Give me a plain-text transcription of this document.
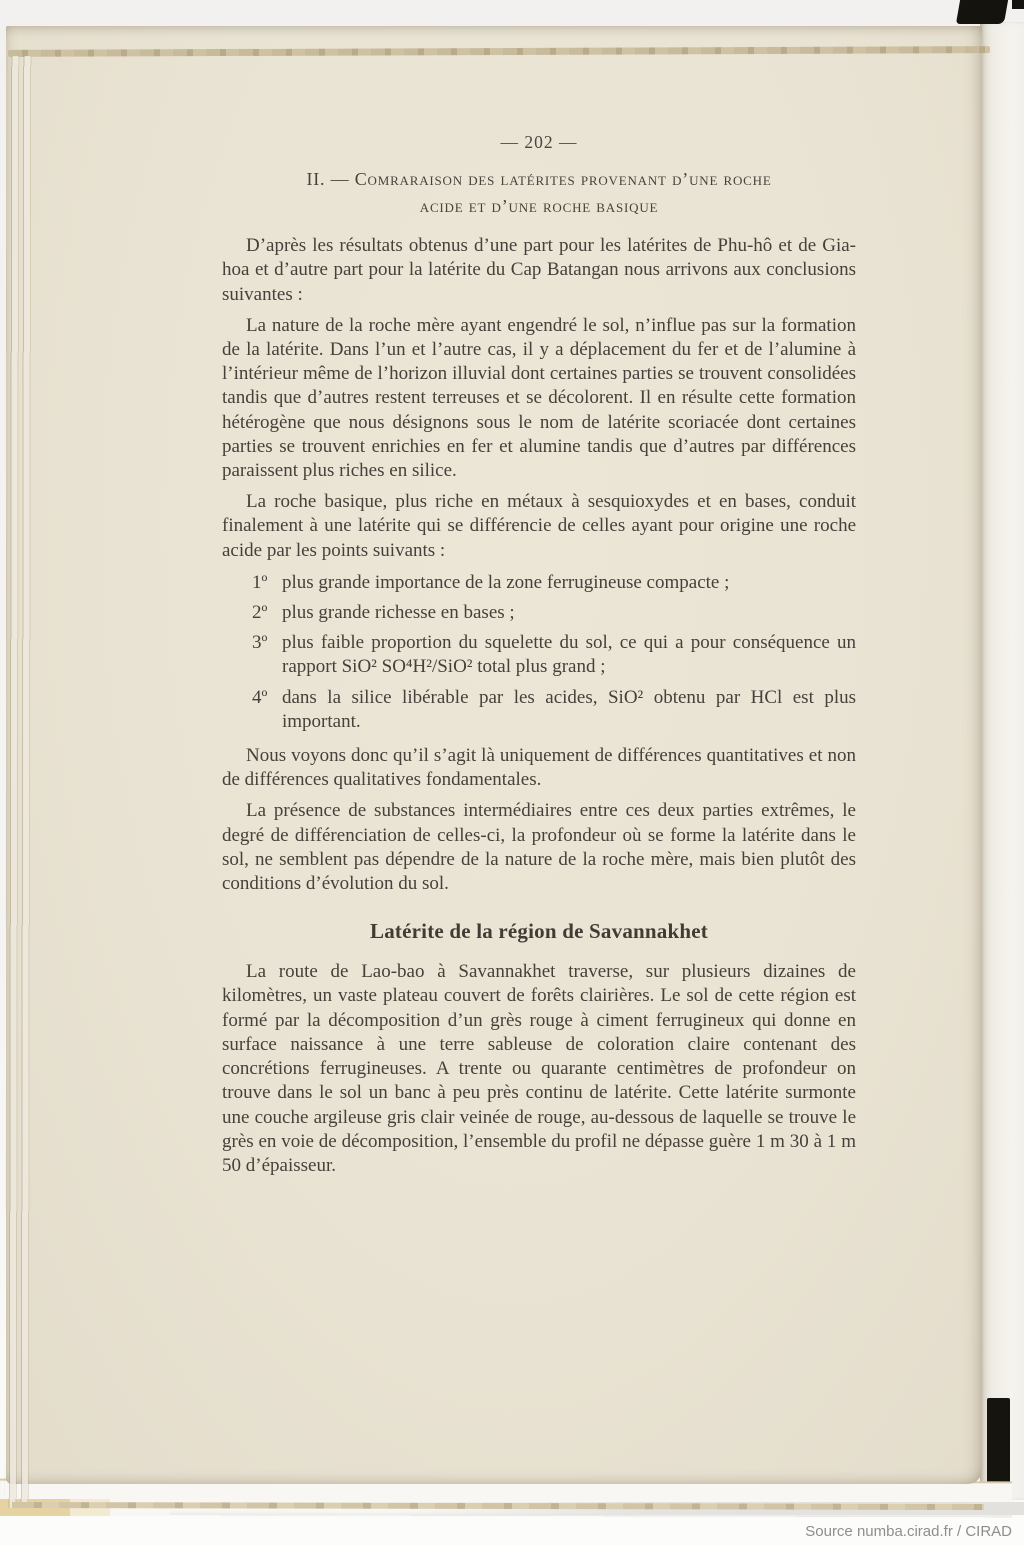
— 202 —
II. — Comraraison des latérites provenant d’une roche
acide et d’une roche basique

D’après les résultats obtenus d’une part pour les latérites de Phu-hô et de Gia-hoa et d’autre part pour la latérite du Cap Batangan nous arrivons aux conclusions suivantes :

La nature de la roche mère ayant engendré le sol, n’influe pas sur la formation de la latérite. Dans l’un et l’autre cas, il y a déplacement du fer et de l’alumine à l’intérieur même de l’horizon illuvial dont certaines parties se trouvent consolidées tandis que d’autres restent terreuses et se décolorent. Il en résulte cette formation hétérogène que nous désignons sous le nom de latérite scoriacée dont certaines parties se trouvent enrichies en fer et alumine tandis que d’autres par différences paraissent plus riches en silice.

La roche basique, plus riche en métaux à sesquioxydes et en bases, conduit finalement à une latérite qui se différencie de celles ayant pour origine une roche acide par les points suivants :

1º plus grande importance de la zone ferrugineuse compacte ;
2º plus grande richesse en bases ;
3º plus faible proportion du squelette du sol, ce qui a pour conséquence un rapport SiO² SO⁴H²/SiO² total plus grand ;
4º dans la silice libérable par les acides, SiO² obtenu par HCl est plus important.

Nous voyons donc qu’il s’agit là uniquement de différences quantitatives et non de différences qualitatives fondamentales.

La présence de substances intermédiaires entre ces deux parties extrêmes, le degré de différenciation de celles-ci, la profondeur où se forme la latérite dans le sol, ne semblent pas dépendre de la nature de la roche mère, mais bien plutôt des conditions d’évolution du sol.

Latérite de la région de Savannakhet

La route de Lao-bao à Savannakhet traverse, sur plusieurs dizaines de kilomètres, un vaste plateau couvert de forêts clairières. Le sol de cette région est formé par la décomposition d’un grès rouge à ciment ferrugineux qui donne en surface naissance à une terre sableuse de coloration claire contenant des concrétions ferrugineuses. A trente ou quarante centimètres de profondeur on trouve dans le sol un banc à peu près continu de latérite. Cette latérite surmonte une couche argileuse gris clair veinée de rouge, au-dessous de laquelle se trouve le grès en voie de décomposition, l’ensemble du profil ne dépasse guère 1 m 30 à 1 m 50 d’épaisseur.

Source numba.cirad.fr / CIRAD
